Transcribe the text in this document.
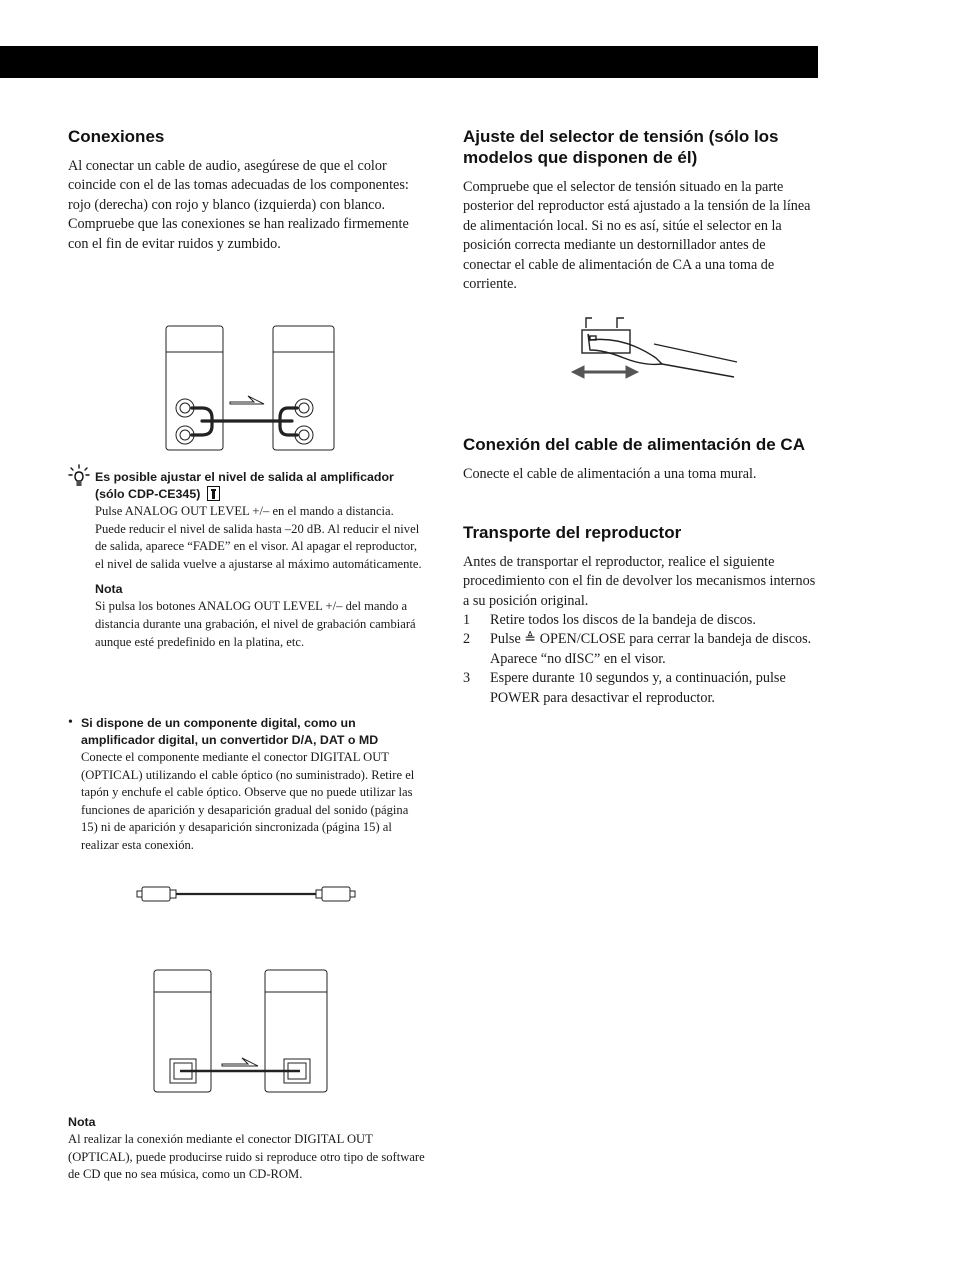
Conexiones

Al conectar un cable de audio, asegúrese de que el color coincide con el de las tomas adecuadas de los componentes: rojo (derecha) con rojo y blanco (izquierda) con blanco. Compruebe que las conexiones se han realizado firmemente con el fin de evitar ruidos y zumbido.

Es posible ajustar el nivel de salida al amplificador
(sólo CDP-CE345)
Pulse ANALOG OUT LEVEL +/– en el mando a distancia. Puede reducir el nivel de salida hasta –20 dB. Al reducir el nivel de salida, aparece “FADE” en el visor. Al apagar el reproductor, el nivel de salida vuelve a ajustarse al máximo automáticamente.
Nota
Si pulsa los botones ANALOG OUT LEVEL +/– del mando a distancia durante una grabación, el nivel de grabación cambiará aunque esté predefinido en la platina, etc.
• Si dispone de un componente digital, como un amplificador digital, un convertidor D/A, DAT o MD
Conecte el componente mediante el conector DIGITAL OUT (OPTICAL) utilizando el cable óptico (no suministrado). Retire el tapón y enchufe el cable óptico. Observe que no puede utilizar las funciones de aparición y desaparición gradual del sonido (página 15) ni de aparición y desaparición sincronizada (página 15) al realizar esta conexión.
Nota
Al realizar la conexión mediante el conector DIGITAL OUT (OPTICAL), puede producirse ruido si reproduce otro tipo de software de CD que no sea música, como un CD-ROM.
Ajuste del selector de tensión (sólo los
modelos que disponen de él)

Compruebe que el selector de tensión situado en la parte posterior del reproductor está ajustado a la tensión de la línea de alimentación local. Si no es así, sitúe el selector en la posición correcta mediante un destornillador antes de conectar el cable de alimentación de CA a una toma de corriente.

Conexión del cable de alimentación de CA

Conecte el cable de alimentación a una toma mural.

Transporte del reproductor

Antes de transportar el reproductor, realice el siguiente procedimiento con el fin de devolver los mecanismos internos a su posición original.

1	Retire todos los discos de la bandeja de discos.
2	Pulse ≜ OPEN/CLOSE para cerrar la bandeja de discos.
Aparece “no dISC” en el visor.
3	Espere durante 10 segundos y, a continuación, pulse POWER para desactivar el reproductor.
